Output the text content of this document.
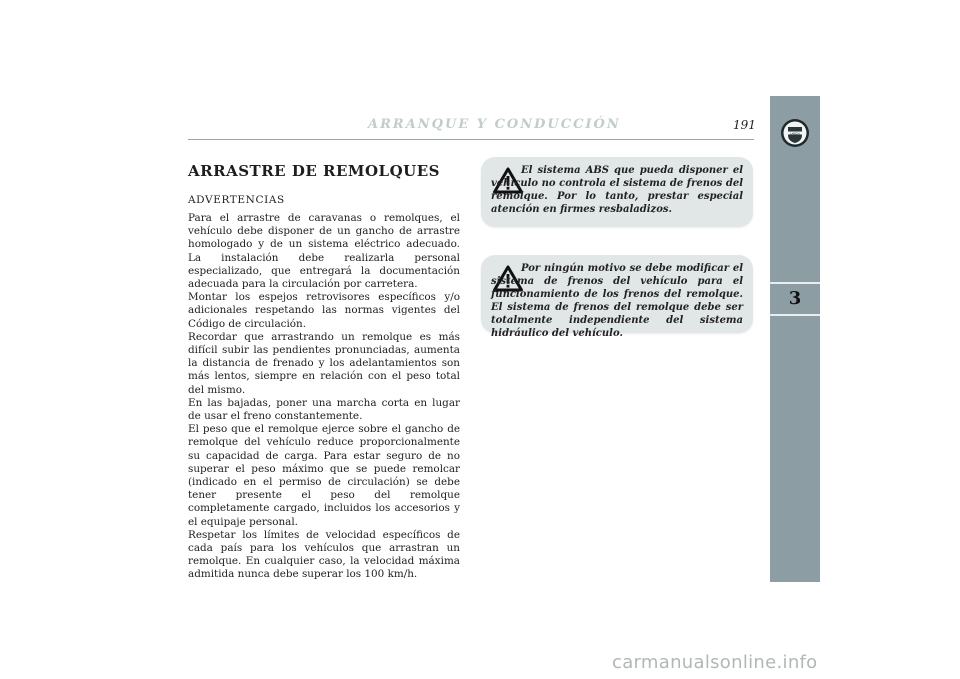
LANCIA
3
ARRANQUE Y CONDUCCIÓN	191
ARRASTRE DE REMOLQUES
ADVERTENCIAS

Para el arrastre de caravanas o remolques, el vehículo debe disponer de un gancho de arrastre homologado y de un sistema eléctrico adecuado. La instalación debe realizarla personal especializado, que entregará la documentación adecuada para la circulación por carretera.

Montar los espejos retrovisores específicos y/o adicionales respetando las normas vigentes del Código de circulación.

Recordar que arrastrando un remolque es más difícil subir las pendientes pronunciadas, aumenta la distancia de frenado y los adelantamientos son más lentos, siempre en relación con el peso total del mismo.

En las bajadas, poner una marcha corta en lugar de usar el freno constantemente.

El peso que el remolque ejerce sobre el gancho de remolque del vehículo reduce proporcionalmente su capacidad de carga. Para estar seguro de no superar el peso máximo que se puede remolcar (indicado en el permiso de circulación) se debe tener presente el peso del remolque completamente cargado, incluidos los accesorios y el equipaje personal.

Respetar los límites de velocidad específicos de cada país para los vehículos que arrastran un remolque. En cualquier caso, la velocidad máxima admitida nunca debe superar los 100 km/h.

El sistema ABS que pueda disponer el vehículo no controla el sistema de frenos del remolque. Por lo tanto, prestar especial atención en firmes resbaladizos.
Por ningún motivo se debe modificar el sistema de frenos del vehículo para el funcionamiento de los frenos del remolque. El sistema de frenos del remolque debe ser totalmente independiente del sistema hidráulico del vehículo.
carmanualsonline.info
